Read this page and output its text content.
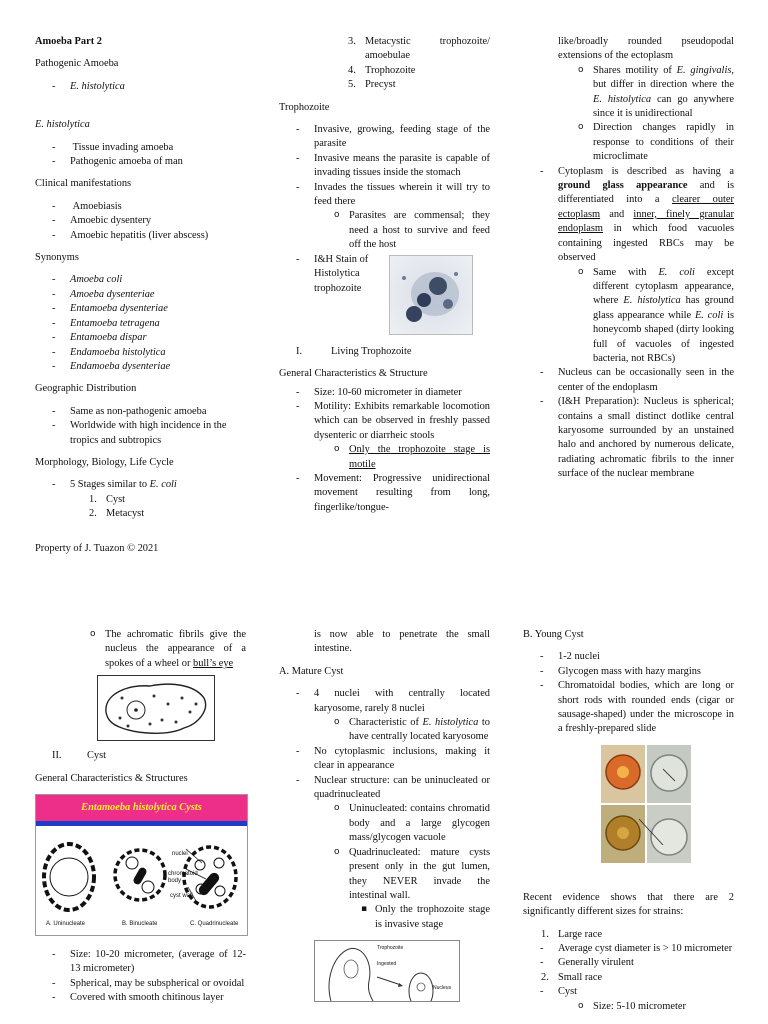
Amoeba Part 2

Pathogenic Amoeba

- E. histolytica

E. histolytica

- Tissue invading amoeba
- Pathogenic amoeba of man

Clinical manifestations

- Amoebiasis
- Amoebic dysentery
- Amoebic hepatitis (liver abscess)

Synonyms

- Amoeba coli
- Amoeba dysenteriae
- Entamoeba dysenteriae
- Entamoeba tetragena
- Entamoeba dispar
- Endamoeba histolytica
- Endamoeba dysenteriae

Geographic Distribution

- Same as non-pathogenic amoeba
- Worldwide with high incidence in the tropics and subtropics

Morphology, Biology, Life Cycle

- 5 Stages similar to E. coli
1. Cyst
2. Metacyst

Property of J. Tuazon © 2021

3. Metacystic trophozoite/ amoebulae
4. Trophozoite
5. Precyst

Trophozoite

- Invasive, growing, feeding stage of the parasite
- Invasive means the parasite is capable of invading tissues inside the stomach
- Invades the tissues wherein it will try to feed there
o Parasites are commensal; they need a host to survive and feed off the host
- I&H Stain of Histolytica trophozoite

I.	Living Trophozoite

General Characteristics & Structure

- Size: 10-60 micrometer in diameter
- Motility: Exhibits remarkable locomotion which can be observed in freshly passed dysenteric or diarrheic stools
o Only the trophozoite stage is motile
- Movement: Progressive unidirectional movement resulting from long, fingerlike/tongue-

like/broadly rounded pseudopodal extensions of the ectoplasm

o Shares motility of E. gingivalis, but differ in direction where the E. histolytica can go anywhere since it is unidirectional
o Direction changes rapidly in response to conditions of their microclimate
- Cytoplasm is described as having a ground glass appearance and is differentiated into a clearer outer ectoplasm and inner, finely granular endoplasm in which food vacuoles containing ingested RBCs may be observed
o Same with E. coli except different cytoplasm appearance, where E. histolytica has ground glass appearance while E. coli is honeycomb shaped (dirty looking full of vacuoles of ingested bacteria, not RBCs)
- Nucleus can be occasionally seen in the center of the endoplasm
- (I&H Preparation): Nucleus is spherical; contains a small distinct dotlike central karyosome surrounded by an unstained halo and anchored by numerous delicate, radiating achromatic fibrils to the inner surface of the nuclear membrane
o The achromatic fibrils give the nucleus the appearance of a spokes of a wheel or bull’s eye

II. Cyst

General Characteristics & Structures

Entamoeba histolytica Cysts
nuclei
chromatoid body
cyst wall
A. Uninucleate	B. Binucleate	C. Quadrinucleate
- Size: 10-20 micrometer, (average of 12-13 micrometer)
- Spherical, may be subspherical or ovoidal
- Covered with smooth chitinous layer

is now able to penetrate the small intestine.

A. Mature Cyst

- 4 nuclei with centrally located karyosome, rarely 8 nuclei
o Characteristic of E. histolytica to have centrally located karyosome
- No cytoplasmic inclusions, making it clear in appearance
- Nuclear structure: can be uninucleated or quadrinucleated
o Uninucleated: contains chromatid body and a large glycogen mass/glycogen vacuole
o Quadrinucleated: mature cysts present only in the gut lumen, they NEVER invade the intestinal wall.
▪ Only the trophozoite stage is invasive stage
Trophozoite
Ingested
Nucleus

B. Young Cyst

- 1-2 nuclei
- Glycogen mass with hazy margins
- Chromatoidal bodies, which are long or short rods with rounded ends (cigar or sausage-shaped) under the microscope in a freshly-prepared slide

Recent evidence shows that there are 2 significantly different sizes for strains:

1. Large race
- Average cyst diameter is > 10 micrometer
- Generally virulent
2. Small race
- Cyst
o Size: 5-10 micrometer
